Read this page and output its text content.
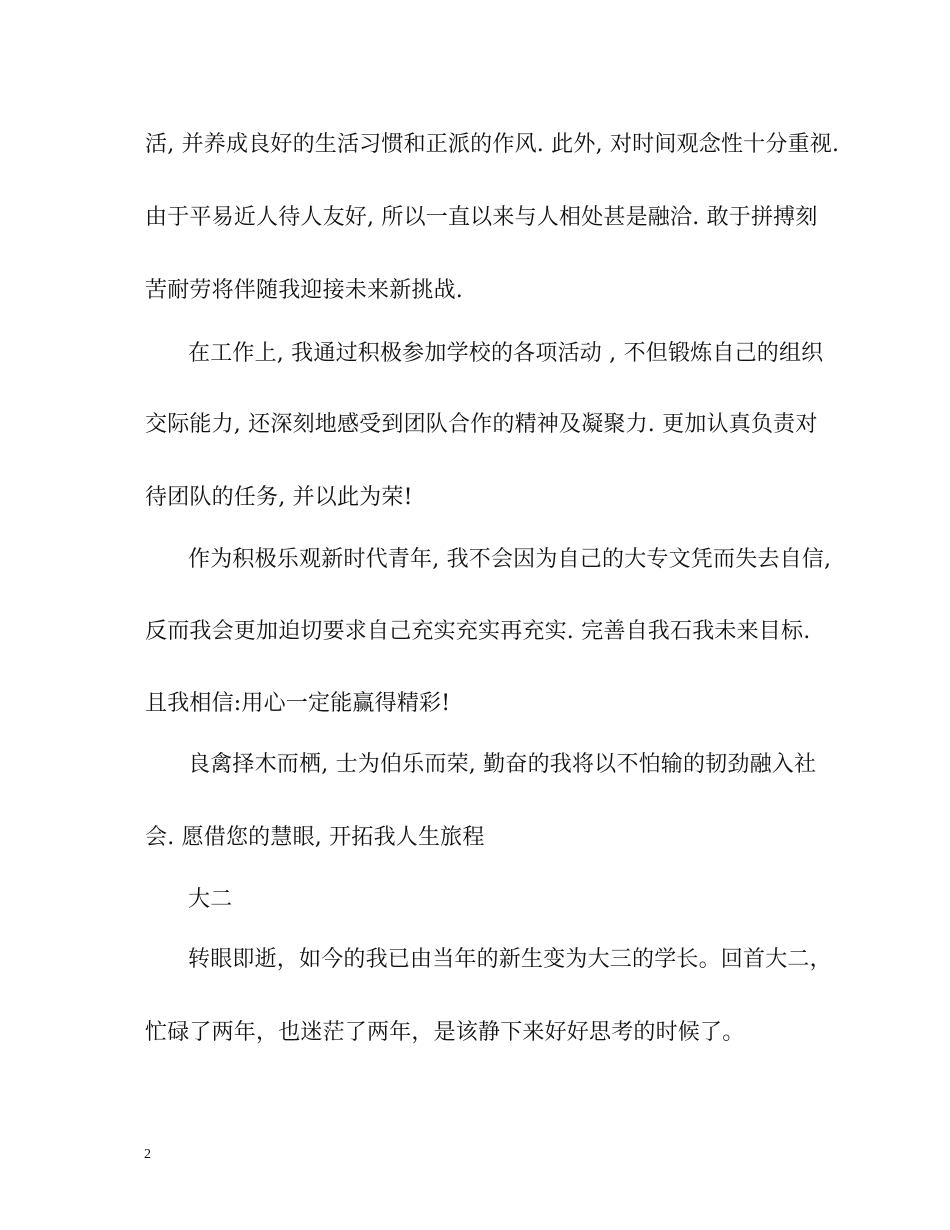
活, 并养成良好的生活习惯和正派的作风. 此外, 对时间观念性十分重视.
由于平易近人待人友好, 所以一直以来与人相处甚是融洽. 敢于拼搏刻
苦耐劳将伴随我迎接未来新挑战.
在工作上, 我通过积极参加学校的各项活动 , 不但锻炼自己的组织
交际能力, 还深刻地感受到团队合作的精神及凝聚力. 更加认真负责对
待团队的任务, 并以此为荣!
作为积极乐观新时代青年, 我不会因为自己的大专文凭而失去自信,
反而我会更加迫切要求自己充实充实再充实. 完善自我石我未来目标.
且我相信:用心一定能赢得精彩!
良禽择木而栖, 士为伯乐而荣, 勤奋的我将以不怕输的韧劲融入社
会. 愿借您的慧眼, 开拓我人生旅程
大二
转眼即逝，如今的我已由当年的新生变为大三的学长。回首大二，
忙碌了两年，也迷茫了两年，是该静下来好好思考的时候了。
2
